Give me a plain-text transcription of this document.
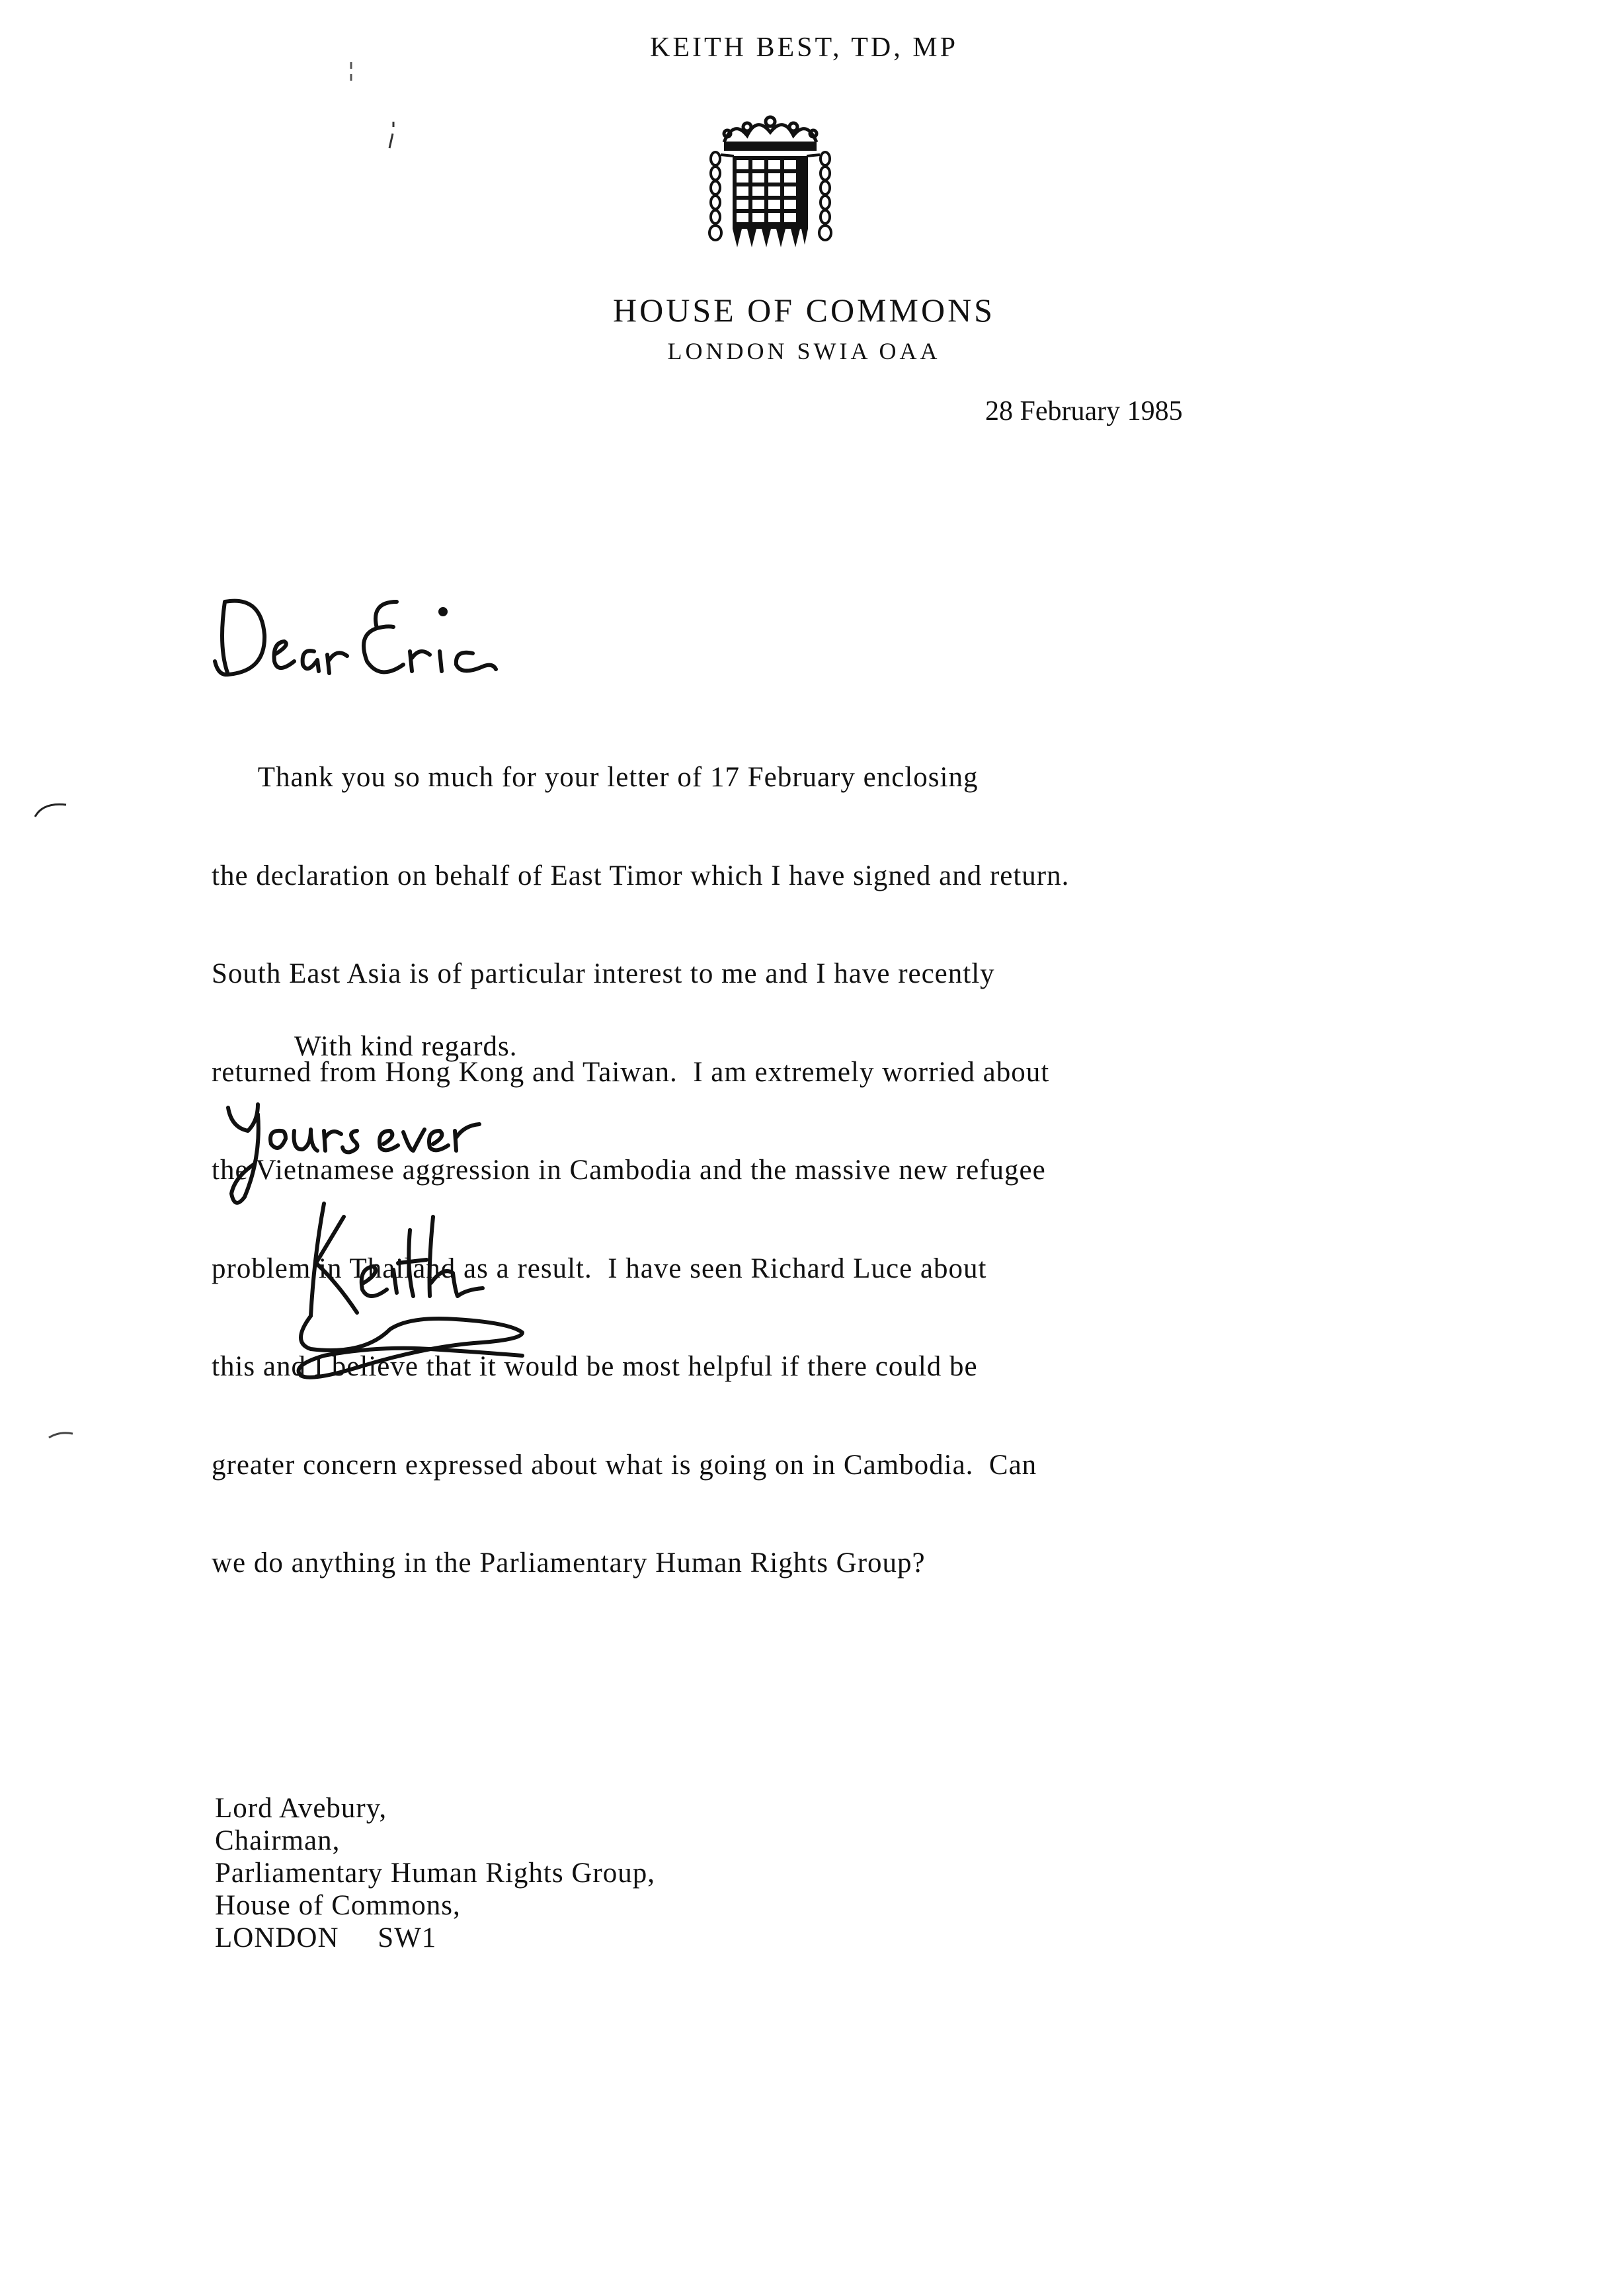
KEITH BEST, TD, MP
HOUSE OF COMMONS
LONDON SWIA OAA
28 February 1985

Thank you so much for your letter of 17 February enclosing

the declaration on behalf of East Timor which I have signed and return.

South East Asia is of particular interest to me and I have recently

returned from Hong Kong and Taiwan.  I am extremely worried about

the Vietnamese aggression in Cambodia and the massive new refugee

problem in Thailand as a result.  I have seen Richard Luce about

this and I believe that it would be most helpful if there could be

greater concern expressed about what is going on in Cambodia.  Can

we do anything in the Parliamentary Human Rights Group?

With kind regards.
Lord Avebury,
Chairman,
Parliamentary Human Rights Group,
House of Commons,
LONDON     SW1
